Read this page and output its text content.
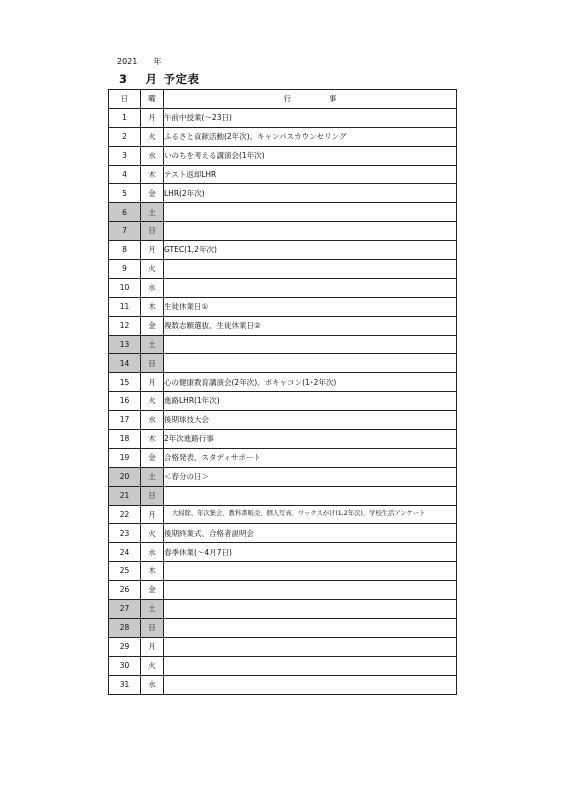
2021 年
3 月 予定表
日	曜	行 事
1	月	午前中授業(～23日)
2	火	ふるさと貢献活動(2年次)、キャンパスカウンセリング
3	水	いのちを考える講演会(1年次)
4	木	テスト返却LHR
5	金	LHR(2年次)
6	土	
7	日	
8	月	GTEC(1,2年次)
9	火	
10	水	
11	木	生徒休業日①
12	金	複数志願選抜、生徒休業日②
13	土	
14	日	
15	月	心の健康教育講演会(2年次)、ボキャコン(1･2年次)
16	火	進路LHR(1年次)
17	水	後期球技大会
18	木	2年次進路行事
19	金	合格発表、スタディサポート
20	土	＜春分の日＞
21	日	
22	月	大掃除、年次集会、教科書販売、個人写真、ワックスがけ(1,2年次)、学校生活アンケート
23	火	後期終業式、合格者説明会
24	水	春季休業(～4月7日)
25	木	
26	金	
27	土	
28	日	
29	月	
30	火	
31	水	
